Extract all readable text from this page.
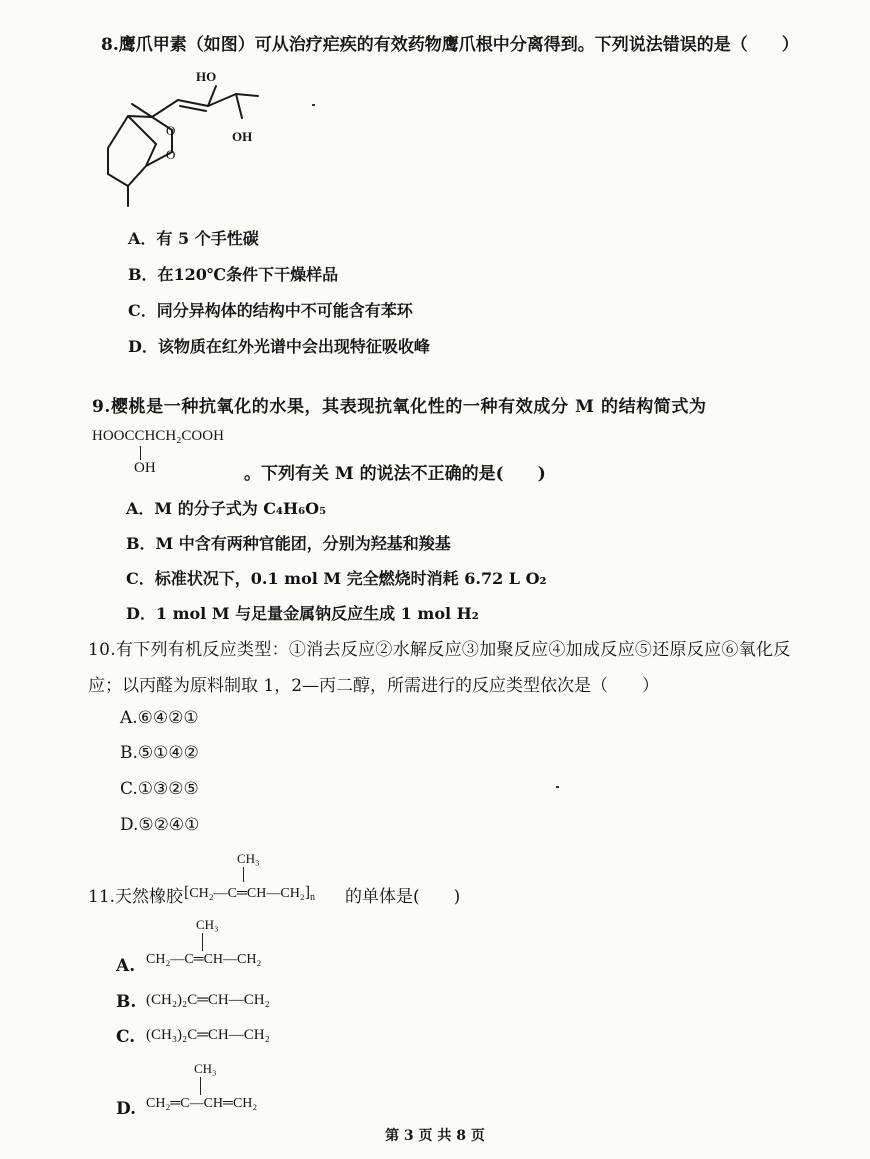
8.鹰爪甲素（如图）可从治疗疟疾的有效药物鹰爪根中分离得到。下列说法错误的是（　　）
HO
OH
O
O
A．有 5 个手性碳
B．在120℃条件下干燥样品
C．同分异构体的结构中不可能含有苯环
D．该物质在红外光谱中会出现特征吸收峰
9.樱桃是一种抗氧化的水果，其表现抗氧化性的一种有效成分 M 的结构简式为
HOOCCHCH₂COOH
OH	。下列有关 M 的说法不正确的是(　　)
A．M 的分子式为 C₄H₆O₅
B．M 中含有两种官能团，分别为羟基和羧基
C．标准状况下，0.1 mol M 完全燃烧时消耗 6.72 L O₂
D．1 mol M 与足量金属钠反应生成 1 mol H₂
10.有下列有机反应类型：①消去反应②水解反应③加聚反应④加成反应⑤还原反应⑥氧化反
应；以丙醛为原料制取 1，2—丙二醇，所需进行的反应类型依次是（　　）
A.⑥④②①
B.⑤①④②
C.①③②⑤
D.⑤②④①
CH₃
11.天然橡胶 $[CH_2—C═CH—CH_2]_n$ 的单体是(　　)
CH₃
A. CH₂—C═CH—CH₂
B. (CH₂)₂C═CH—CH₂
C. (CH₃)₂C═CH—CH₂
CH₃
D. CH₂═C—CH═CH₂
第 3 页 共 8 页
